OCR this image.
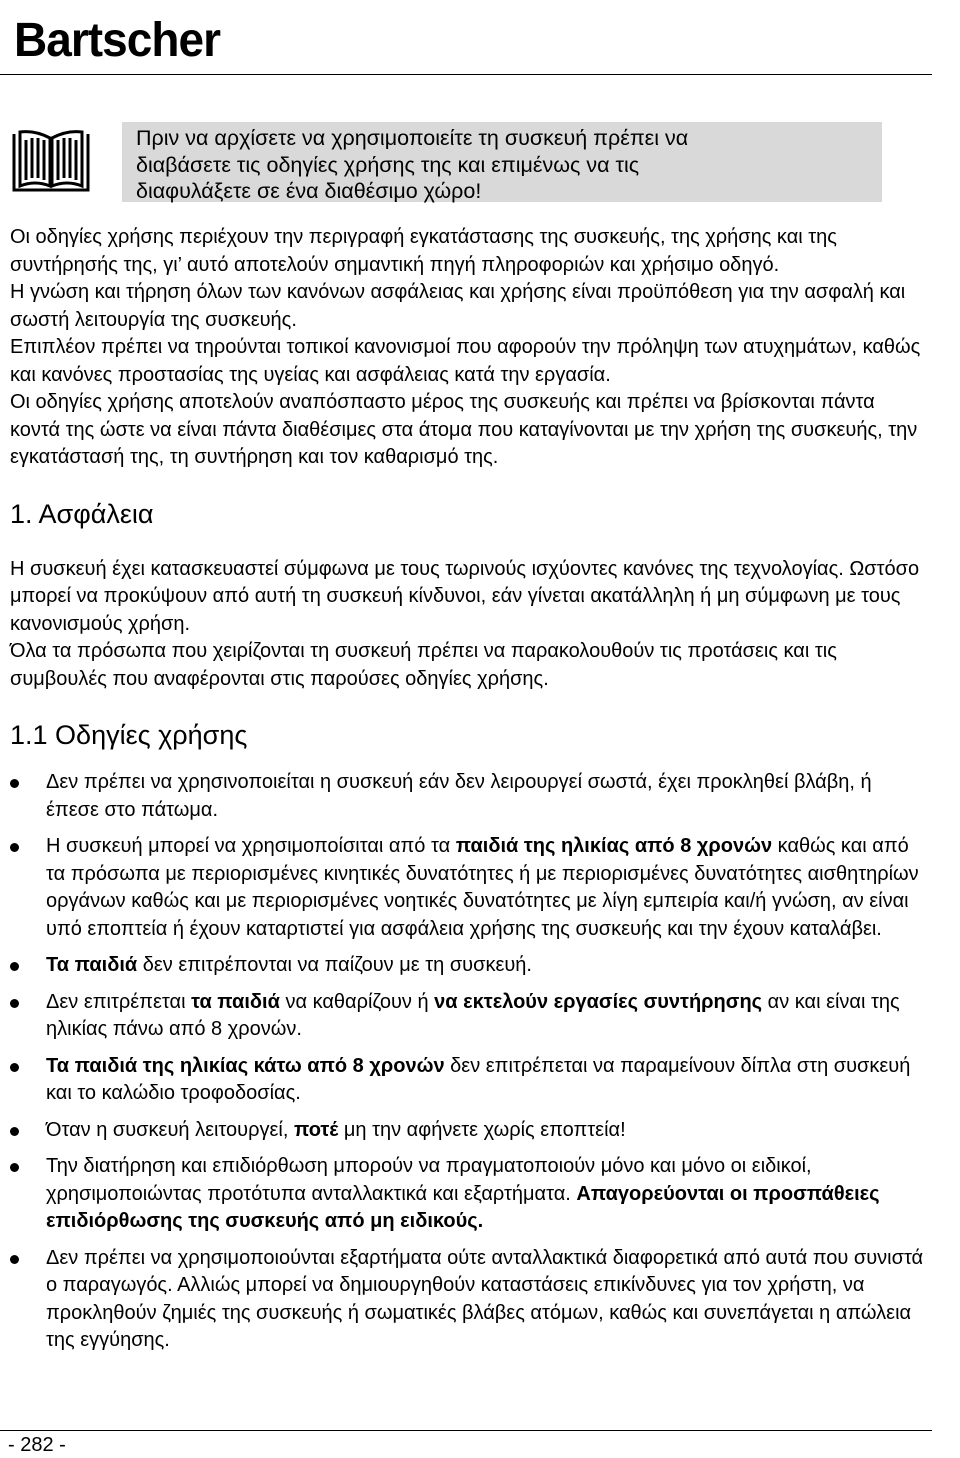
Bartscher
Πριν να αρχίσετε να χρησιμοποιείτε τη συσκευή πρέπει να
διαβάσετε τις οδηγίες χρήσης της και επιμένως να τις
διαφυλάξετε σε ένα διαθέσιμο χώρο!

Οι οδηγίες χρήσης περιέχουν την περιγραφή εγκατάστασης της συσκευής, της χρήσης και της συντήρησής της, γι’ αυτό αποτελούν σημαντική πηγή πληροφοριών και χρήσιμο οδηγό.

Η γνώση και τήρηση όλων των κανόνων ασφάλειας και χρήσης είναι προϋπόθεση για την ασφαλή και σωστή λειτουργία της συσκευής.

Επιπλέον πρέπει να τηρούνται τοπικοί κανονισμοί που αφορούν την πρόληψη των ατυχημάτων, καθώς και κανόνες προστασίας της υγείας και ασφάλειας κατά την εργασία.

Οι οδηγίες χρήσης αποτελούν αναπόσπαστο μέρος της συσκευής και πρέπει να βρίσκονται πάντα κοντά της ώστε να είναι πάντα διαθέσιμες στα άτομα που καταγίνονται με την χρήση της συσκευής, την εγκατάστασή της, τη συντήρηση και τον καθαρισμό της.

1. Ασφάλεια

Η συσκευή έχει κατασκευαστεί σύμφωνα με τους τωρινούς ισχύοντες κανόνες της τεχνολογίας. Ωστόσο μπορεί να προκύψουν από αυτή τη συσκευή κίνδυνοι, εάν γίνεται ακατάλληλη ή μη σύμφωνη με τους κανονισμούς χρήση.

Όλα τα πρόσωπα που χειρίζονται τη συσκευή πρέπει να παρακολουθούν τις προτάσεις και τις συμβουλές που αναφέρονται στις παρούσες οδηγίες χρήσης.

1.1 Οδηγίες χρήσης
Δεν πρέπει να χρησινοποιείται η συσκευή εάν δεν λειρουργεί σωστά, έχει προκληθεί βλάβη, ή έπεσε στο πάτωμα.
Η συσκευή μπορεί να χρησιμοποίσιται από τα παιδιά της ηλικίας από 8 χρονών καθώς και από τα πρόσωπα με περιορισμένες κινητικές δυνατότητες ή με περιορισμένες δυνατότητες αισθητηρίων οργάνων καθώς και με περιορισμένες νοητικές δυνατότητες με λίγη εμπειρία και/ή γνώση, αν είναι υπό εποπτεία ή έχουν καταρτιστεί για ασφάλεια χρήσης της συσκευής και την έχουν καταλάβει.
Τα παιδιά δεν επιτρέπονται να παίζουν με τη συσκευή.
Δεν επιτρέπεται τα παιδιά να καθαρίζουν ή να εκτελούν εργασίες συντήρησης αν και είναι της ηλικίας πάνω από 8 χρονών.
Τα παιδιά της ηλικίας κάτω από 8 χρονών δεν επιτρέπεται να παραμείνουν δίπλα στη συσκευή και το καλώδιο τροφοδοσίας.
Όταν η συσκευή λειτουργεί, ποτέ μη την αφήνετε χωρίς εποπτεία!
Την διατήρηση και επιδιόρθωση μπορούν να πραγματοποιούν μόνο και μόνο οι ειδικοί, χρησιμοποιώντας προτότυπα ανταλλακτικά και εξαρτήματα. Απαγορεύονται οι προσπάθειες επιδιόρθωσης της συσκευής από μη ειδικούς.
Δεν πρέπει να χρησιμοποιούνται εξαρτήματα ούτε ανταλλακτικά διαφορετικά από αυτά που συνιστά ο παραγωγός. Αλλιώς μπορεί να δημιουργηθούν καταστάσεις επικίνδυνες για τον χρήστη, να προκληθούν ζημιές της συσκευής ή σωματικές βλάβες ατόμων, καθώς και συνεπάγεται η απώλεια της εγγύησης.
- 282 -
